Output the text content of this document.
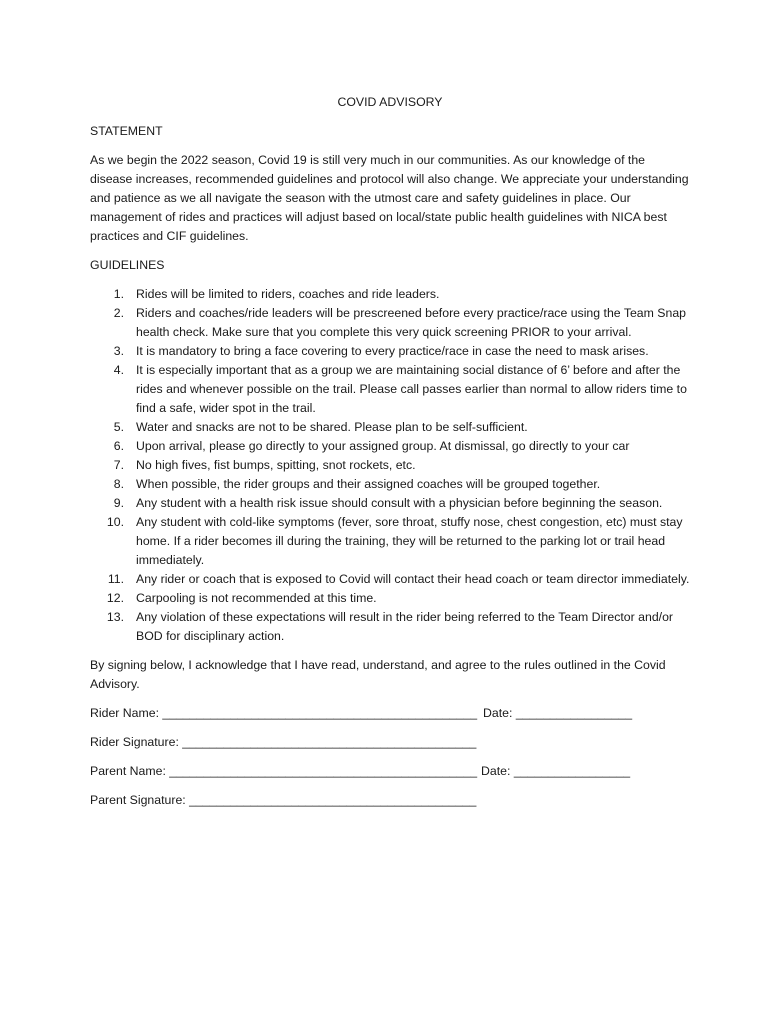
COVID ADVISORY
STATEMENT
As we begin the 2022 season, Covid 19 is still very much in our communities. As our knowledge of the disease increases, recommended guidelines and protocol will also change. We appreciate your understanding and patience as we all navigate the season with the utmost care and safety guidelines in place. Our management of rides and practices will adjust based on local/state public health guidelines with NICA best practices and CIF guidelines.
GUIDELINES
1. Rides will be limited to riders, coaches and ride leaders.
2. Riders and coaches/ride leaders will be prescreened before every practice/race using the Team Snap health check. Make sure that you complete this very quick screening PRIOR to your arrival.
3. It is mandatory to bring a face covering to every practice/race in case the need to mask arises.
4. It is especially important that as a group we are maintaining social distance of 6’ before and after the rides and whenever possible on the trail. Please call passes earlier than normal to allow riders time to find a safe, wider spot in the trail.
5. Water and snacks are not to be shared. Please plan to be self-sufficient.
6. Upon arrival, please go directly to your assigned group. At dismissal, go directly to your car
7. No high fives, fist bumps, spitting, snot rockets, etc.
8. When possible, the rider groups and their assigned coaches will be grouped together.
9. Any student with a health risk issue should consult with a physician before beginning the season.
10. Any student with cold-like symptoms (fever, sore throat, stuffy nose, chest congestion, etc) must stay home. If a rider becomes ill during the training, they will be returned to the parking lot or trail head immediately.
11. Any rider or coach that is exposed to Covid will contact their head coach or team director immediately.
12. Carpooling is not recommended at this time.
13. Any violation of these expectations will result in the rider being referred to the Team Director and/or BOD for disciplinary action.
By signing below, I acknowledge that I have read, understand, and agree to the rules outlined in the Covid Advisory.
Rider Name: ______________________________________________ Date: _________________
Rider Signature: ___________________________________________
Parent Name: _____________________________________________ Date: _________________
Parent Signature: __________________________________________
